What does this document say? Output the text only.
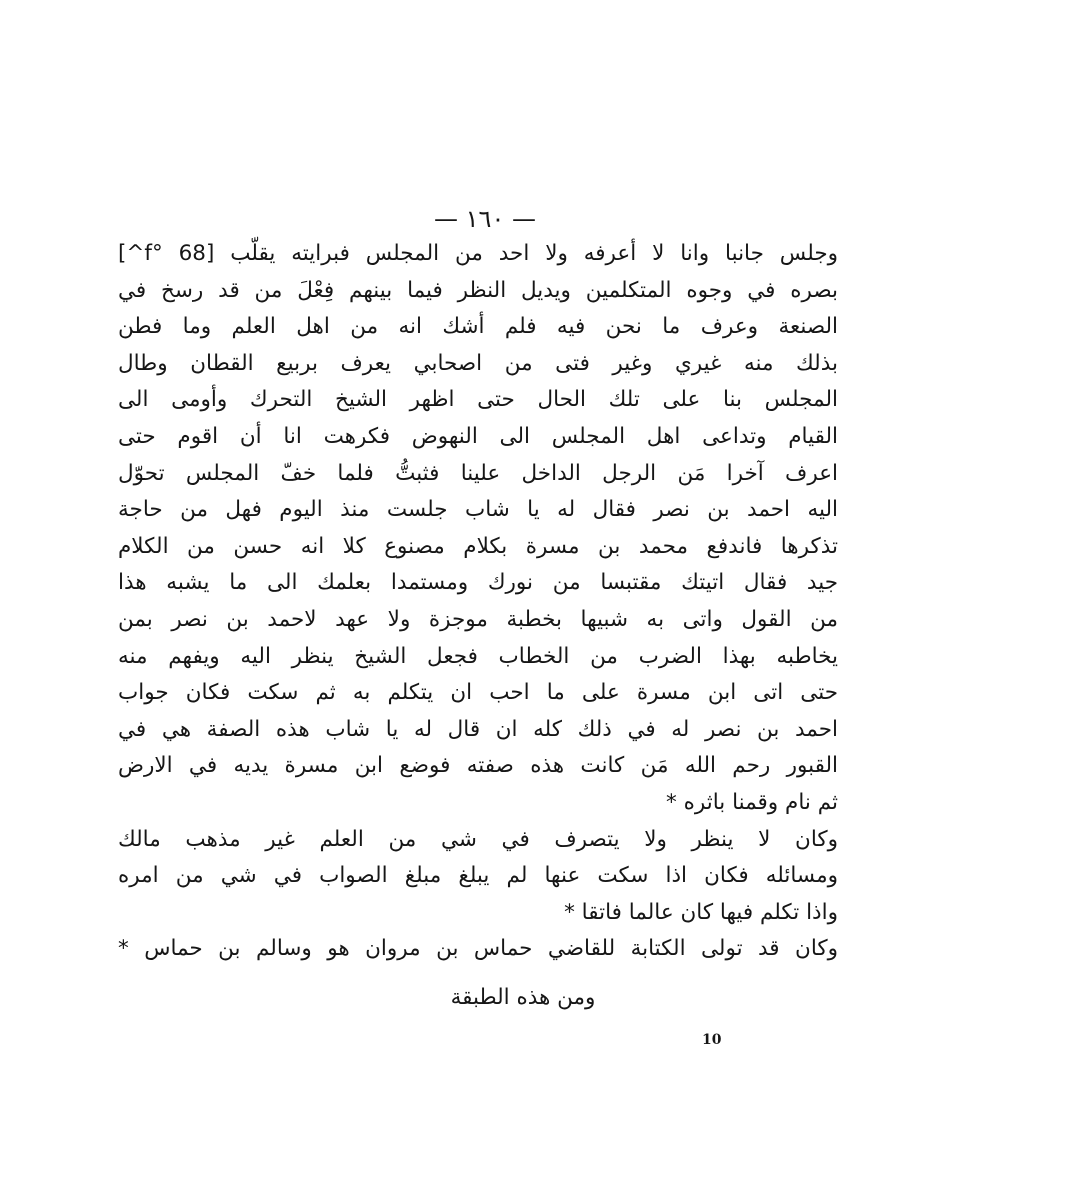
— ١٦٠ —
وجلس جانبا وانا لا أعرفه ولا احد من المجلس فبرايته يقلّب [f° 68^]
بصره في وجوه المتكلمين ويديل النظر فيما بينهم فِعْلَ من قد رسخ في
الصنعة وعرف ما نحن فيه فلم أشك انه من اهل العلم وما فطن
بذلك منه غيري وغير فتى من اصحابي يعرف بربيع القطان وطال
المجلس بنا على تلك الحال حتى اظهر الشيخ التحرك وأومى الى
القيام وتداعى اهل المجلس الى النهوض فكرهت انا أن اقوم حتى
اعرف آخرا مَن الرجل الداخل علينا فثبتُّ فلما خفّ المجلس تحوّل
اليه احمد بن نصر فقال له يا شاب جلست منذ اليوم فهل من حاجة
تذكرها فاندفع محمد بن مسرة بكلام مصنوع كلا انه حسن من الكلام
جيد فقال اتيتك مقتبسا من نورك ومستمدا بعلمك الى ما يشبه هذا
من القول واتى به شبيها بخطبة موجزة ولا عهد لاحمد بن نصر بمن
يخاطبه بهذا الضرب من الخطاب فجعل الشيخ ينظر اليه ويفهم منه
حتى اتى ابن مسرة على ما احب ان يتكلم به ثم سكت فكان جواب
احمد بن نصر له في ذلك كله ان قال له يا شاب هذه الصفة هي في
القبور رحم الله مَن كانت هذه صفته فوضع ابن مسرة يديه في الارض
ثم نام وقمنا باثره *
وكان لا ينظر ولا يتصرف في شي من العلم غير مذهب مالك
ومسائله فكان اذا سكت عنها لم يبلغ مبلغ الصواب في شي من امره
واذا تكلم فيها كان عالما فاتقا *
وكان قد تولى الكتابة للقاضي حماس بن مروان هو وسالم بن حماس *
ومن هذه الطبقة
10
